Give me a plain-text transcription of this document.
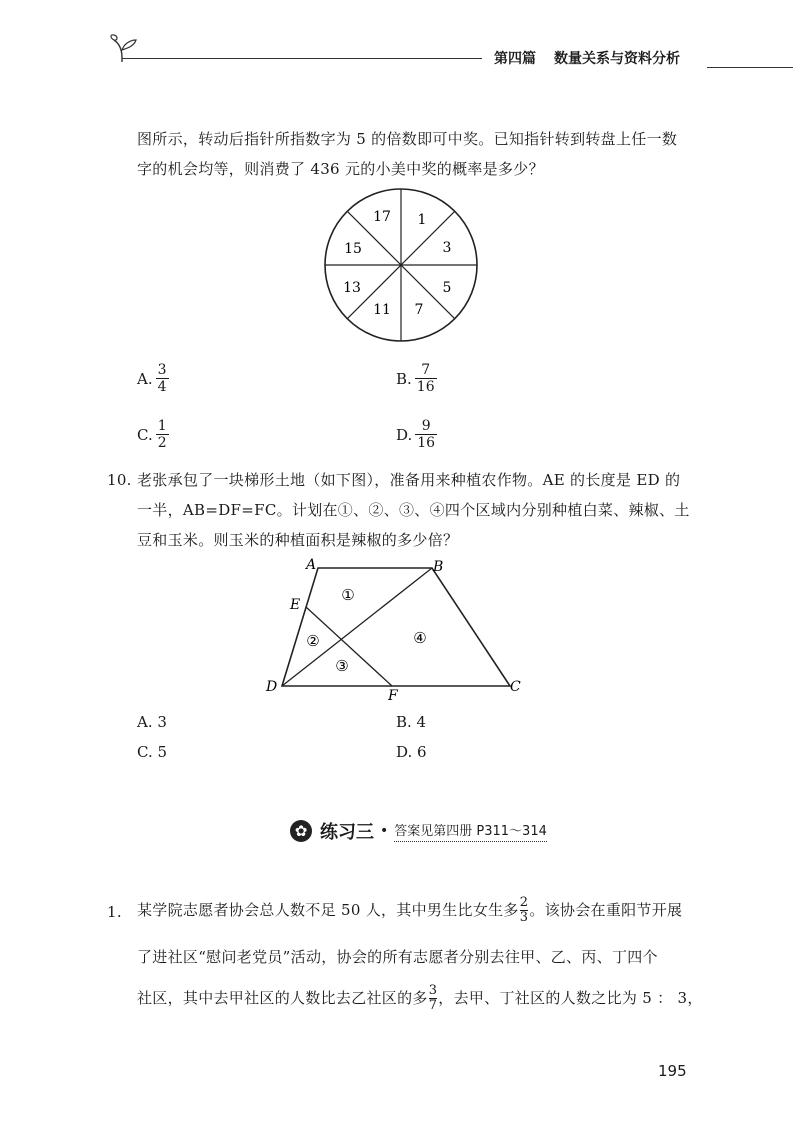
第四篇 数量关系与资料分析
图所示，转动后指针所指数字为 5 的倍数即可中奖。已知指针转到转盘上任一数
字的机会均等，则消费了 436 元的小美中奖的概率是多少？
17 1
3
5
7
11
13
15
A. $\frac{3}{4}$	B. $\frac{7}{16}$
C. $\frac{1}{2}$	D. $\frac{9}{16}$
10. 老张承包了一块梯形土地（如下图），准备用来种植农作物。AE 的长度是 ED 的
一半，AB=DF=FC。计划在①、②、③、④四个区域内分别种植白菜、辣椒、土
豆和玉米。则玉米的种植面积是辣椒的多少倍？
A	B
E
D
F
C
①
②
③
④
A. 3	B. 4
C. 5	D. 6
✿ 练习三 • 答案见第四册 P311～314
1. 某学院志愿者协会总人数不足 50 人，其中男生比女生多 $\frac{2}{3}$ 。该协会在重阳节开展
了进社区“慰问老党员”活动，协会的所有志愿者分别去往甲、乙、丙、丁四个
社区，其中去甲社区的人数比去乙社区的多 $\frac{3}{7}$ ，去甲、丁社区的人数之比为 5 ： 3，
195
